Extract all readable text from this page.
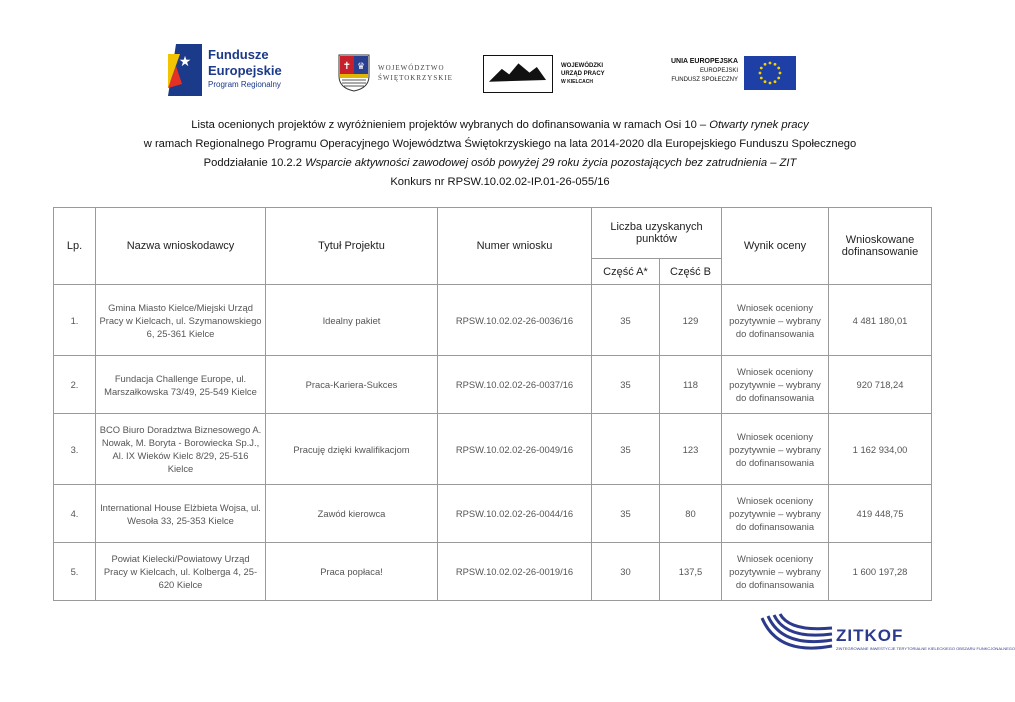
★ Fundusze
Europejskie
Program Regionalny
✝ ♛ WOJEWÓDZTWO
ŚWIĘTOKRZYSKIE
WOJEWÓDZKI
URZĄD PRACY
W KIELCACH
UNIA EUROPEJSKA
EUROPEJSKI
FUNDUSZ SPOŁECZNY
Lista ocenionych projektów z wyróżnieniem projektów wybranych do dofinansowania w ramach Osi 10 – Otwarty rynek pracy
w ramach Regionalnego Programu Operacyjnego Województwa Świętokrzyskiego na lata 2014-2020 dla Europejskiego Funduszu Społecznego
Poddziałanie 10.2.2 Wsparcie aktywności zawodowej osób powyżej 29 roku życia pozostających bez zatrudnienia – ZIT
Konkurs nr RPSW.10.02.02-IP.01-26-055/16
Lp.	Nazwa wnioskodawcy	Tytuł Projektu	Numer wniosku	Liczba uzyskanych punktów		Wynik oceny	Wnioskowane dofinansowanie
				Część A*	Część B		
1.	Gmina Miasto Kielce/Miejski Urząd Pracy w Kielcach, ul. Szymanowskiego 6, 25-361 Kielce	Idealny pakiet	RPSW.10.02.02-26-0036/16	35	129	Wniosek oceniony pozytywnie – wybrany do dofinansowania	4 481 180,01
2.	Fundacja Challenge Europe, ul. Marszałkowska 73/49, 25-549 Kielce	Praca-Kariera-Sukces	RPSW.10.02.02-26-0037/16	35	118	Wniosek oceniony pozytywnie – wybrany do dofinansowania	920 718,24
3.	BCO Biuro Doradztwa Biznesowego A. Nowak, M. Boryta - Borowiecka Sp.J., Al. IX Wieków Kielc 8/29, 25-516 Kielce	Pracuję dzięki kwalifikacjom	RPSW.10.02.02-26-0049/16	35	123	Wniosek oceniony pozytywnie – wybrany do dofinansowania	1 162 934,00
4.	International House Elżbieta Wojsa, ul. Wesoła 33, 25-353 Kielce	Zawód kierowca	RPSW.10.02.02-26-0044/16	35	80	Wniosek oceniony pozytywnie – wybrany do dofinansowania	419 448,75
5.	Powiat Kielecki/Powiatowy Urząd Pracy w Kielcach, ul. Kolberga 4, 25-620 Kielce	Praca popłaca!	RPSW.10.02.02-26-0019/16	30	137,5	Wniosek oceniony pozytywnie – wybrany do dofinansowania	1 600 197,28
ZITKOF
ZINTEGROWANE INWESTYCJE TERYTORIALNE KIELECKIEGO OBSZARU FUNKCJONALNEGO
